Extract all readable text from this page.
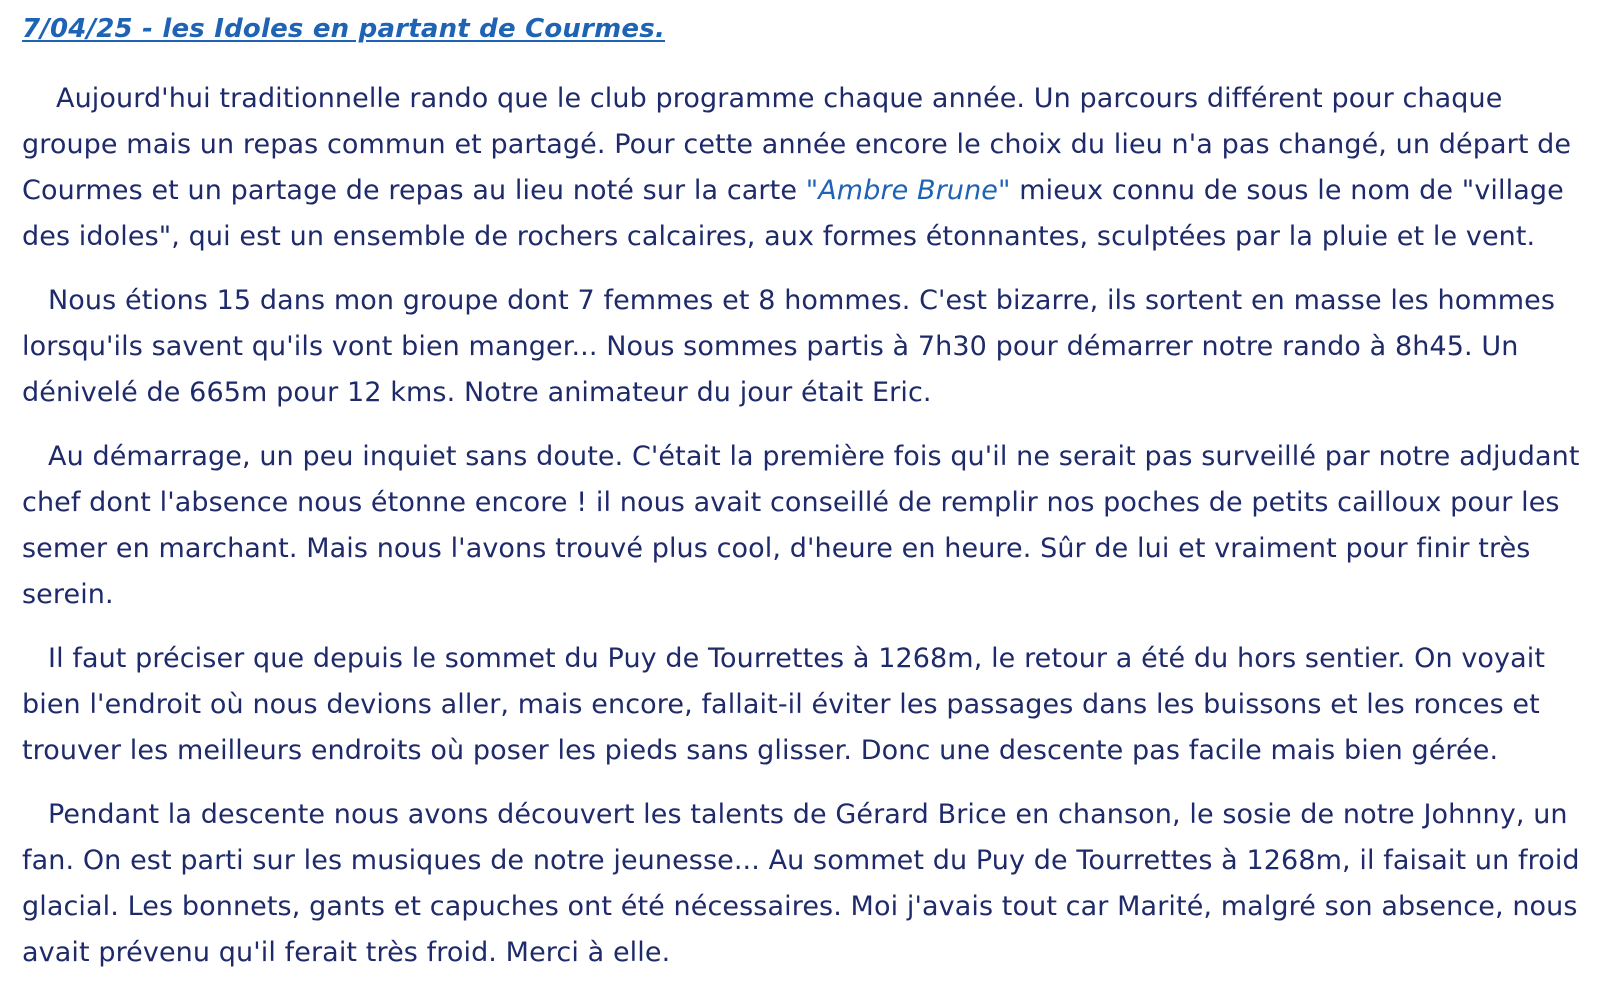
7/04/25 - les Idoles en partant de Courmes.

Aujourd'hui traditionnelle rando que le club programme chaque année. Un parcours différent pour chaque groupe mais un repas commun et partagé. Pour cette année encore le choix du lieu n'a pas changé, un départ de Courmes et un partage de repas au lieu noté sur la carte "Ambre Brune" mieux connu de sous le nom de "village des idoles", qui est un ensemble de rochers calcaires, aux formes étonnantes, sculptées par la pluie et le vent.

Nous étions 15 dans mon groupe dont 7 femmes et 8 hommes. C'est bizarre, ils sortent en masse les hommes lorsqu'ils savent qu'ils vont bien manger... Nous sommes partis à 7h30 pour démarrer notre rando à 8h45. Un dénivelé de 665m pour 12 kms. Notre animateur du jour était Eric.

Au démarrage, un peu inquiet sans doute. C'était la première fois qu'il ne serait pas surveillé par notre adjudant chef dont l'absence nous étonne encore ! il nous avait conseillé de remplir nos poches de petits cailloux pour les semer en marchant. Mais nous l'avons trouvé plus cool, d'heure en heure. Sûr de lui et vraiment pour finir très serein.

Il faut préciser que depuis le sommet du Puy de Tourrettes à 1268m, le retour a été du hors sentier. On voyait bien l'endroit où nous devions aller, mais encore, fallait-il éviter les passages dans les buissons et les ronces et trouver les meilleurs endroits où poser les pieds sans glisser. Donc une descente pas facile mais bien gérée.

Pendant la descente nous avons découvert les talents de Gérard Brice en chanson, le sosie de notre Johnny, un fan. On est parti sur les musiques de notre jeunesse... Au sommet du Puy de Tourrettes à 1268m, il faisait un froid glacial. Les bonnets, gants et capuches ont été nécessaires. Moi j'avais tout car Marité, malgré son absence, nous avait prévenu qu'il ferait très froid. Merci à elle.
